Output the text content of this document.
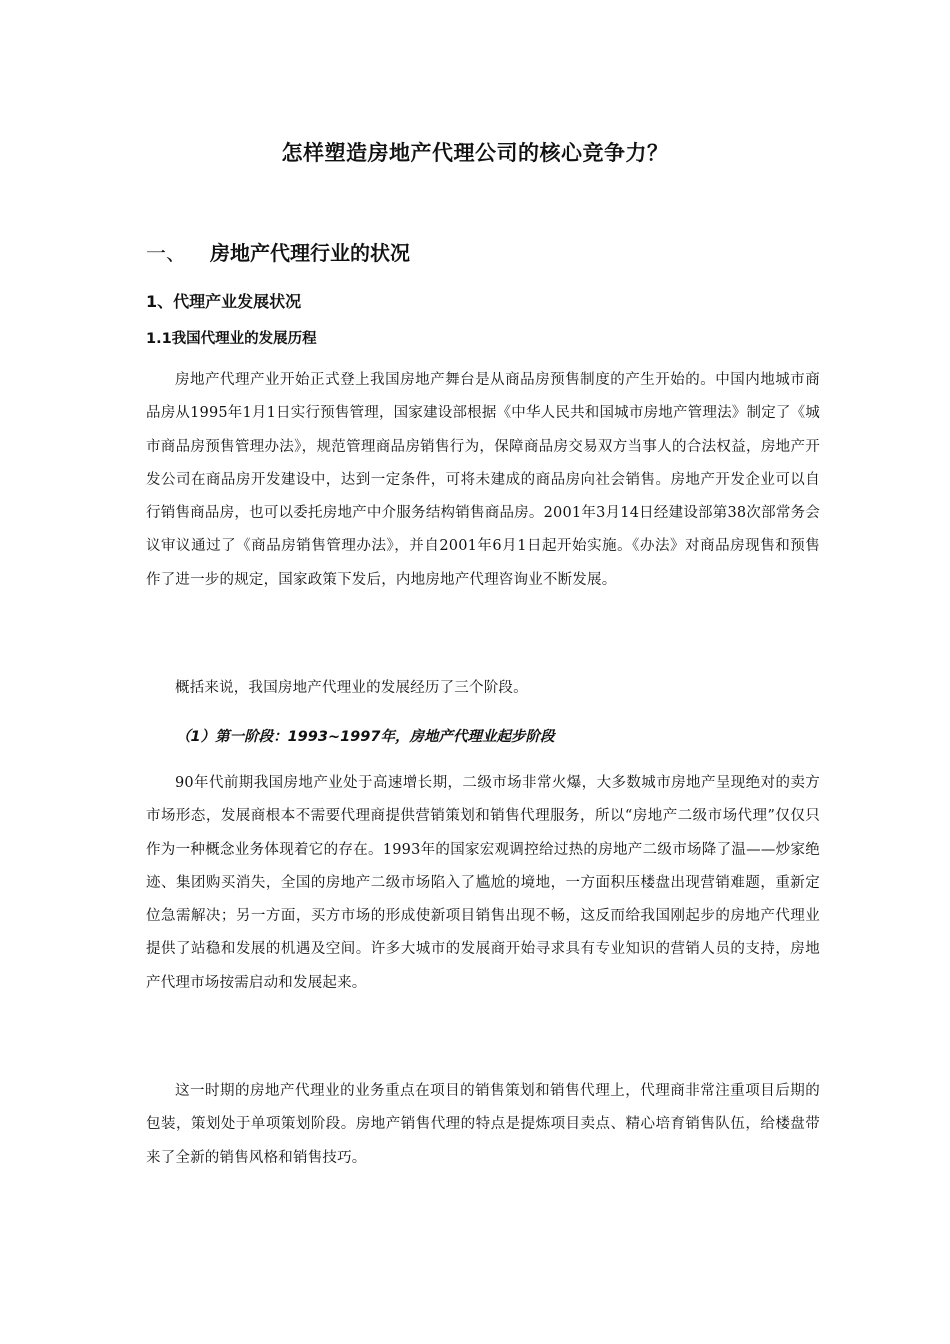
怎样塑造房地产代理公司的核心竞争力？
一、 房地产代理行业的状况
1、代理产业发展状况
1.1我国代理业的发展历程

房地产代理产业开始正式登上我国房地产舞台是从商品房预售制度的产生开始的。中国内地城市商品房从1995年1月1日实行预售管理，国家建设部根据《中华人民共和国城市房地产管理法》制定了《城市商品房预售管理办法》，规范管理商品房销售行为，保障商品房交易双方当事人的合法权益，房地产开发公司在商品房开发建设中，达到一定条件，可将未建成的商品房向社会销售。房地产开发企业可以自行销售商品房，也可以委托房地产中介服务结构销售商品房。2001年3月14日经建设部第38次部常务会议审议通过了《商品房销售管理办法》，并自2001年6月1日起开始实施。《办法》对商品房现售和预售作了进一步的规定，国家政策下发后，内地房地产代理咨询业不断发展。

概括来说，我国房地产代理业的发展经历了三个阶段。

（1）第一阶段：1993~1997年，房地产代理业起步阶段

90年代前期我国房地产业处于高速增长期，二级市场非常火爆，大多数城市房地产呈现绝对的卖方市场形态，发展商根本不需要代理商提供营销策划和销售代理服务，所以“房地产二级市场代理”仅仅只作为一种概念业务体现着它的存在。1993年的国家宏观调控给过热的房地产二级市场降了温——炒家绝迹、集团购买消失，全国的房地产二级市场陷入了尴尬的境地，一方面积压楼盘出现营销难题，重新定位急需解决；另一方面，买方市场的形成使新项目销售出现不畅，这反而给我国刚起步的房地产代理业提供了站稳和发展的机遇及空间。许多大城市的发展商开始寻求具有专业知识的营销人员的支持，房地产代理市场按需启动和发展起来。

这一时期的房地产代理业的业务重点在项目的销售策划和销售代理上，代理商非常注重项目后期的包装，策划处于单项策划阶段。房地产销售代理的特点是提炼项目卖点、精心培育销售队伍，给楼盘带来了全新的销售风格和销售技巧。
